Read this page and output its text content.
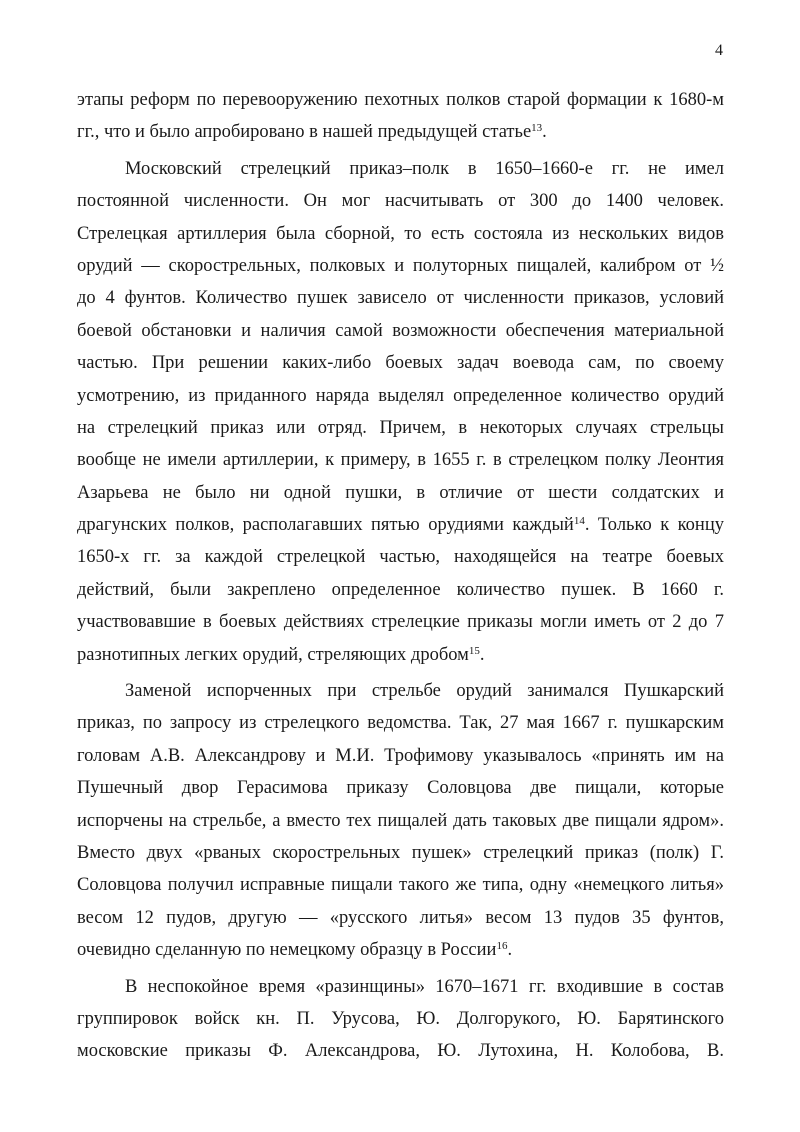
4
этапы реформ по перевооружению пехотных полков старой формации к 1680-м
гг., что и было апробировано в нашей предыдущей статье$^{13}$.
Московский стрелецкий приказ–полк в 1650–1660-е гг. не имел
постоянной численности. Он мог насчитывать от 300 до 1400 человек.
Стрелецкая артиллерия была сборной, то есть состояла из нескольких видов
орудий — скорострельных, полковых и полуторных пищалей, калибром от ½
до 4 фунтов. Количество пушек зависело от численности приказов, условий
боевой обстановки и наличия самой возможности обеспечения материальной
частью. При решении каких-либо боевых задач воевода сам, по своему
усмотрению, из приданного наряда выделял определенное количество орудий
на стрелецкий приказ или отряд. Причем, в некоторых случаях стрельцы
вообще не имели артиллерии, к примеру, в 1655 г. в стрелецком полку Леонтия
Азарьева не было ни одной пушки, в отличие от шести солдатских и
драгунских полков, располагавших пятью орудиями каждый$^{14}$. Только к концу
1650-х гг. за каждой стрелецкой частью, находящейся на театре боевых
действий, были закреплено определенное количество пушек. В 1660 г.
участвовавшие в боевых действиях стрелецкие приказы могли иметь от 2 до 7
разнотипных легких орудий, стреляющих дробом$^{15}$.
Заменой испорченных при стрельбе орудий занимался Пушкарский
приказ, по запросу из стрелецкого ведомства. Так, 27 мая 1667 г. пушкарским
головам А.В. Александрову и М.И. Трофимову указывалось «принять им на
Пушечный двор Герасимова приказу Соловцова две пищали, которые
испорчены на стрельбе, а вместо тех пищалей дать таковых две пищали ядром».
Вместо двух «рваных скорострельных пушек» стрелецкий приказ (полк) Г.
Соловцова получил исправные пищали такого же типа, одну «немецкого литья»
весом 12 пудов, другую — «русского литья» весом 13 пудов 35 фунтов,
очевидно сделанную по немецкому образцу в России$^{16}$.
В неспокойное время «разинщины» 1670–1671 гг. входившие в состав
группировок войск кн. П. Урусова, Ю. Долгорукого, Ю. Барятинского
московские приказы Ф. Александрова, Ю. Лутохина, Н. Колобова, В.
